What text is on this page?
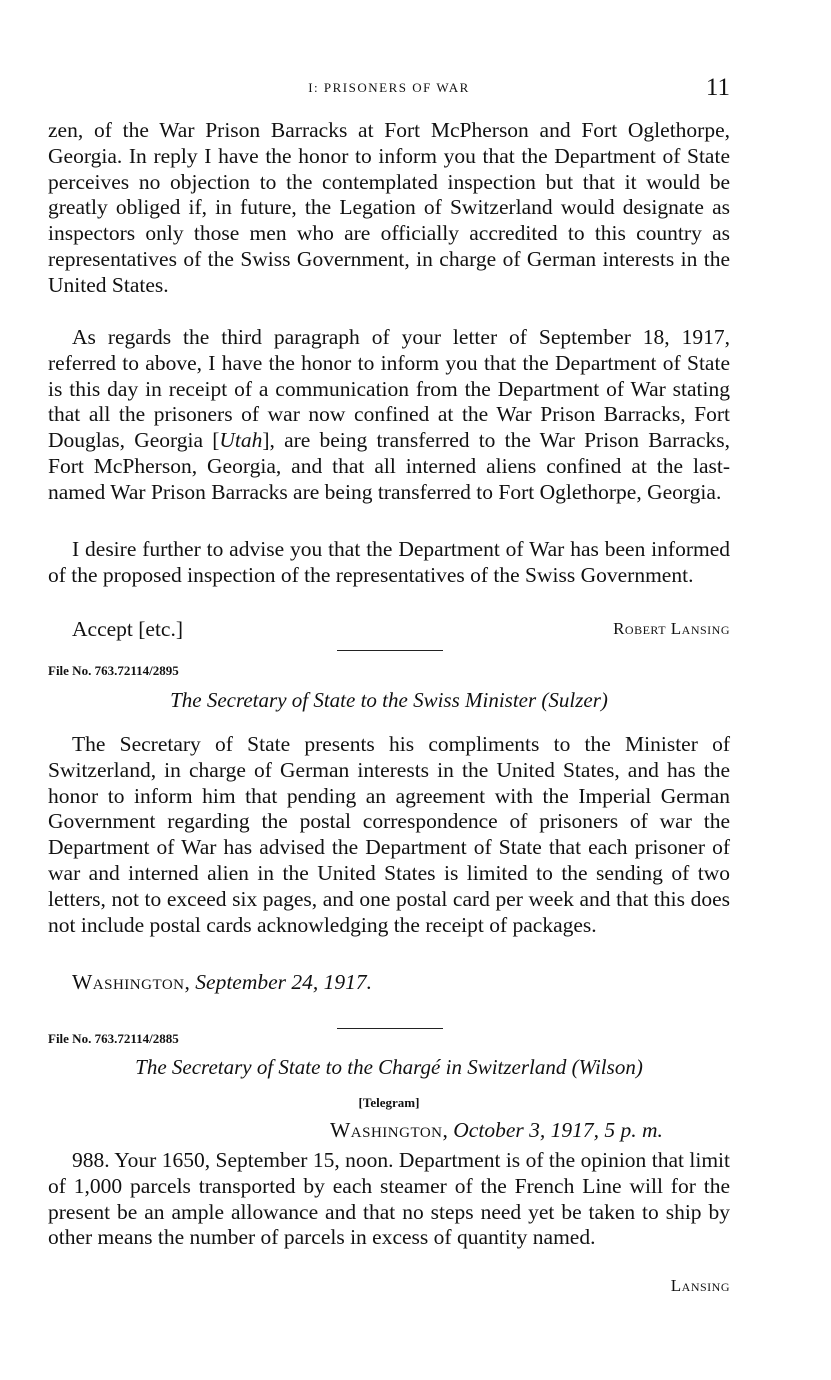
I: PRISONERS OF WAR	11

zen, of the War Prison Barracks at Fort McPherson and Fort Oglethorpe, Georgia. In reply I have the honor to inform you that the Department of State perceives no objection to the contemplated inspection but that it would be greatly obliged if, in future, the Legation of Switzerland would designate as inspectors only those men who are officially accredited to this country as representatives of the Swiss Government, in charge of German interests in the United States.

As regards the third paragraph of your letter of September 18, 1917, referred to above, I have the honor to inform you that the Department of State is this day in receipt of a communication from the Department of War stating that all the prisoners of war now confined at the War Prison Barracks, Fort Douglas, Georgia [Utah], are being transferred to the War Prison Barracks, Fort McPherson, Georgia, and that all interned aliens confined at the last-named War Prison Barracks are being transferred to Fort Oglethorpe, Georgia.

I desire further to advise you that the Department of War has been informed of the proposed inspection of the representatives of the Swiss Government.

Accept [etc.]	Robert Lansing
File No. 763.72114/2895
The Secretary of State to the Swiss Minister (Sulzer)

The Secretary of State presents his compliments to the Minister of Switzerland, in charge of German interests in the United States, and has the honor to inform him that pending an agreement with the Imperial German Government regarding the postal correspondence of prisoners of war the Department of War has advised the Department of State that each prisoner of war and interned alien in the United States is limited to the sending of two letters, not to exceed six pages, and one postal card per week and that this does not include postal cards acknowledging the receipt of packages.

Washington, September 24, 1917.
File No. 763.72114/2885
The Secretary of State to the Chargé in Switzerland (Wilson)
[Telegram]
Washington, October 3, 1917, 5 p. m.

988. Your 1650, September 15, noon. Department is of the opinion that limit of 1,000 parcels transported by each steamer of the French Line will for the present be an ample allowance and that no steps need yet be taken to ship by other means the number of parcels in excess of quantity named.

Lansing
